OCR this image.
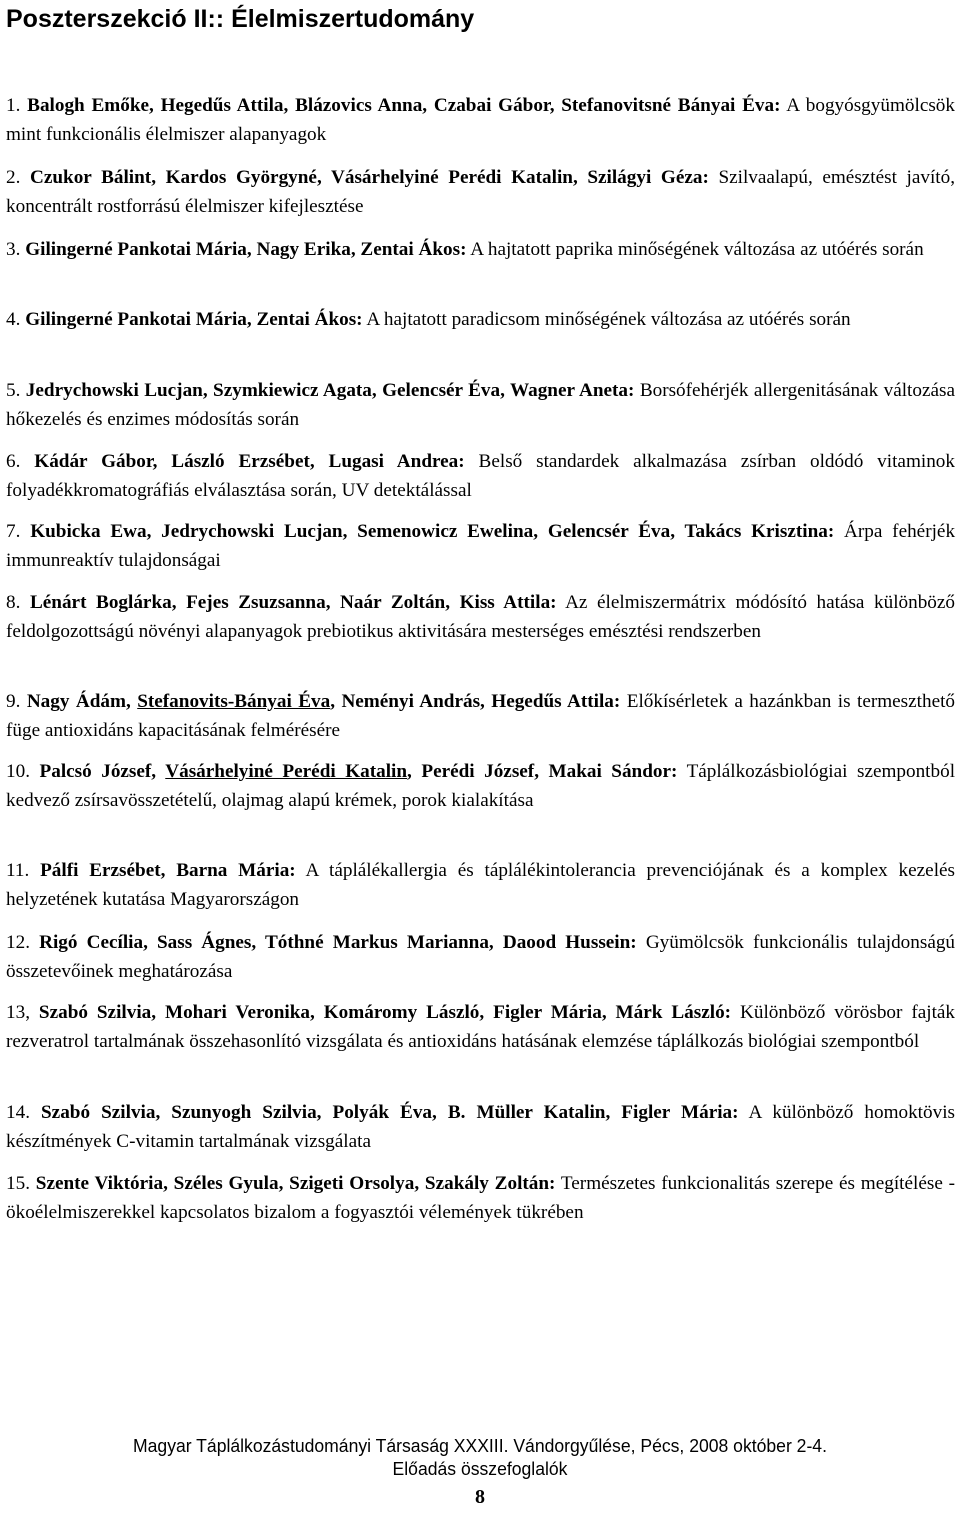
Poszterszekció II:: Élelmiszertudomány
1. Balogh Emőke, Hegedűs Attila, Blázovics Anna, Czabai Gábor, Stefanovitsné Bányai Éva: A bogyósgyümölcsök mint funkcionális élelmiszer alapanyagok
2. Czukor Bálint, Kardos Györgyné, Vásárhelyiné Perédi Katalin, Szilágyi Géza: Szilvaalapú, emésztést javító, koncentrált rostforrású élelmiszer kifejlesztése
3. Gilingerné Pankotai Mária, Nagy Erika, Zentai Ákos: A hajtatott paprika minőségének változása az utóérés során
4. Gilingerné Pankotai Mária, Zentai Ákos: A hajtatott paradicsom minőségének változása az utóérés során
5. Jedrychowski Lucjan, Szymkiewicz Agata, Gelencsér Éva, Wagner Aneta: Borsófehérjék allergenitásának változása hőkezelés és enzimes módosítás során
6. Kádár Gábor, László Erzsébet, Lugasi Andrea: Belső standardek alkalmazása zsírban oldódó vitaminok folyadékkromatográfiás elválasztása során, UV detektálással
7. Kubicka Ewa, Jedrychowski Lucjan, Semenowicz Ewelina, Gelencsér Éva, Takács Krisztina: Árpa fehérjék immunreaktív tulajdonságai
8. Lénárt Boglárka, Fejes Zsuzsanna, Naár Zoltán, Kiss Attila: Az élelmiszermátrix módósító hatása különböző feldolgozottságú növényi alapanyagok prebiotikus aktivitására mesterséges emésztési rendszerben
9. Nagy Ádám, Stefanovits-Bányai Éva, Neményi András, Hegedűs Attila: Előkísérletek a hazánkban is termeszthető füge antioxidáns kapacitásának felmérésére
10. Palcsó József, Vásárhelyiné Perédi Katalin, Perédi József, Makai Sándor: Táplálkozásbiológiai szempontból kedvező zsírsavösszetételű, olajmag alapú krémek, porok kialakítása
11. Pálfi Erzsébet, Barna Mária: A táplálékallergia és táplálékintolerancia prevenciójának és a komplex kezelés helyzetének kutatása Magyarországon
12. Rigó Cecília, Sass Ágnes, Tóthné Markus Marianna, Daood Hussein: Gyümölcsök funkcionális tulajdonságú összetevőinek meghatározása
13, Szabó Szilvia, Mohari Veronika, Komáromy László, Figler Mária, Márk László: Különböző vörösbor fajták rezveratrol tartalmának összehasonlító vizsgálata és antioxidáns hatásának elemzése táplálkozás biológiai szempontból
14. Szabó Szilvia, Szunyogh Szilvia, Polyák Éva, B. Müller Katalin, Figler Mária: A különböző homoktövis készítmények C-vitamin tartalmának vizsgálata
15. Szente Viktória, Széles Gyula, Szigeti Orsolya, Szakály Zoltán: Természetes funkcionalitás szerepe és megítélése - ökoélelmiszerekkel kapcsolatos bizalom a fogyasztói vélemények tükrében
Magyar Táplálkozástudományi Társaság XXXIII. Vándorgyűlése, Pécs, 2008 október 2-4.
Előadás összefoglalók
8
